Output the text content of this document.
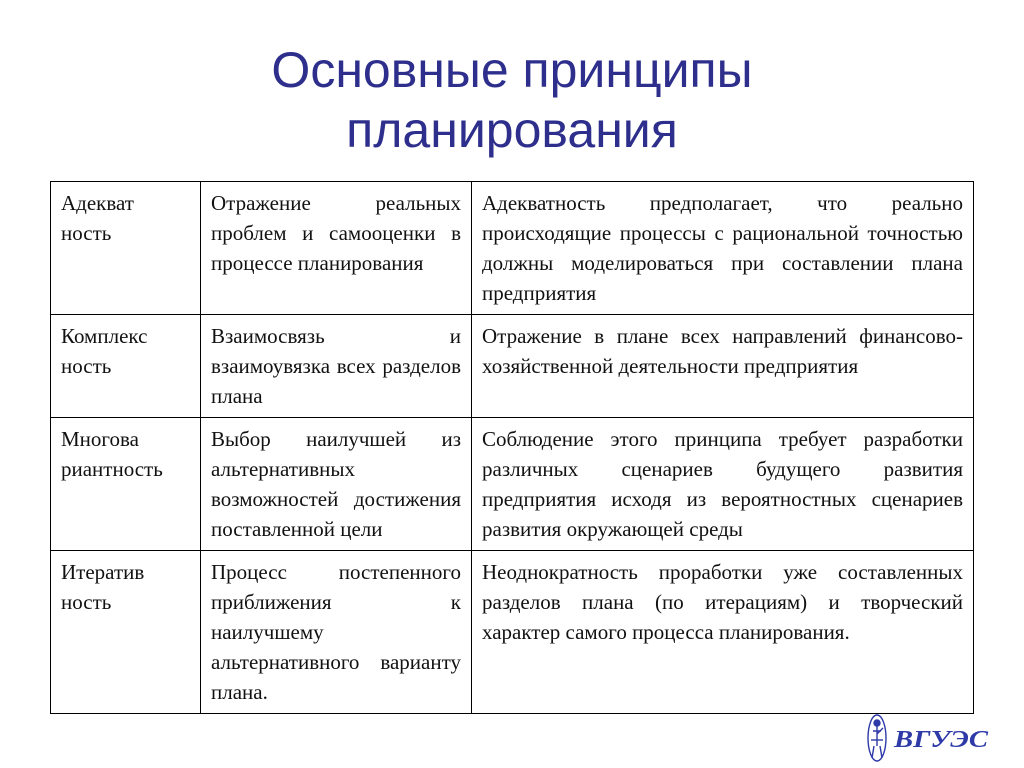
Основные принципы
планирования
Адекват
ность	Отражение реальных проблем и самооценки в процессе планирования	Адекватность предполагает, что реально происходящие процессы с рациональной точностью должны моделироваться при составлении плана предприятия

Комплекс
ность	Взаимосвязь и взаимоувязка всех разделов плана	Отражение в плане всех направлений финансово-хозяйственной деятельности предприятия

Многова
риантность	Выбор наилучшей из альтернативных возможностей достижения поставленной цели	Соблюдение этого принципа требует разработки различных сценариев будущего развития предприятия исходя из вероятностных сценариев развития окружающей среды

Итератив
ность	Процесс постепенного приближения к наилучшему альтернативного варианту плана.	Неоднократность проработки уже составленных разделов плана (по итерациям) и творческий характер самого процесса планирования.
ВГУЭС
